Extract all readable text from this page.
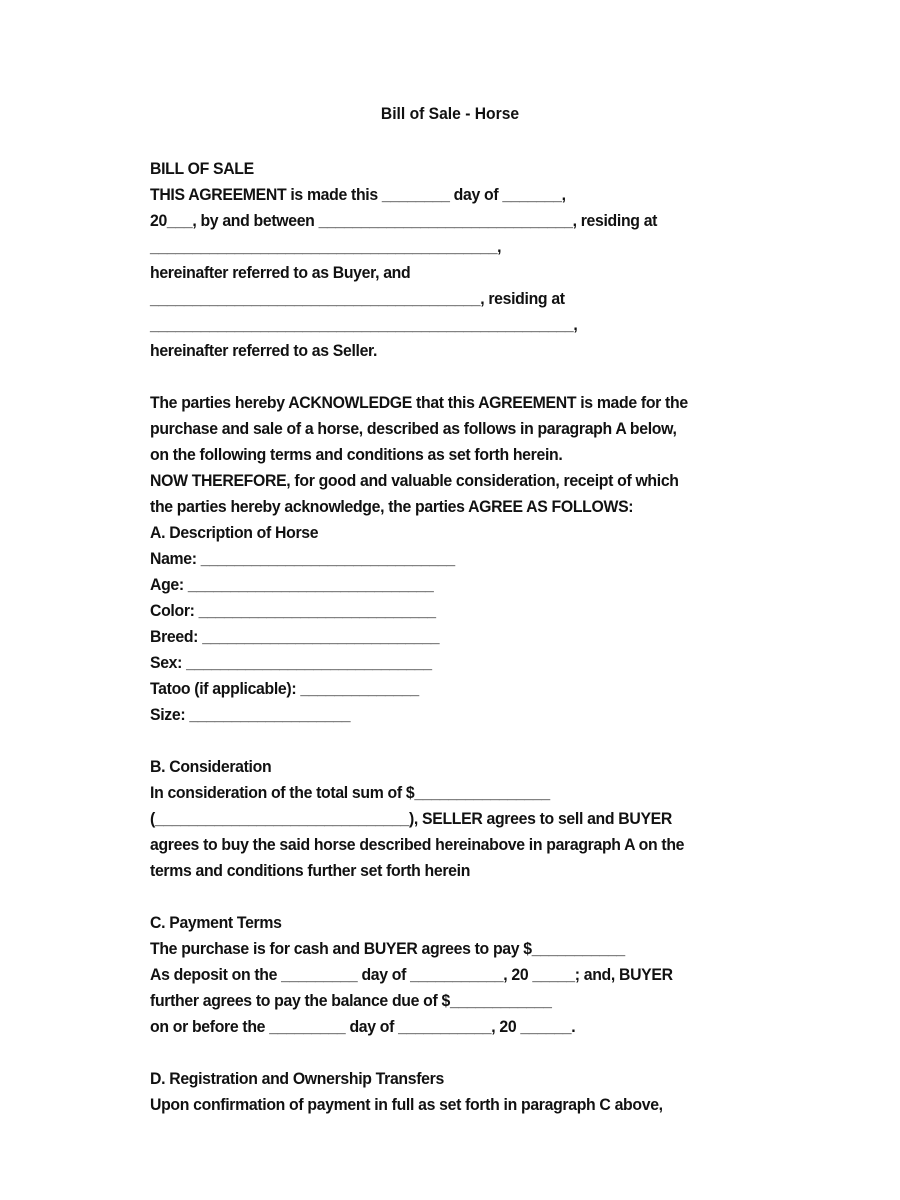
Bill of Sale - Horse
BILL OF SALE
THIS AGREEMENT is made this ________ day of _______,
20___, by and between ______________________________, residing at
_________________________________________,
hereinafter referred to as Buyer, and
_______________________________________, residing at
__________________________________________________,
hereinafter referred to as Seller.
The parties hereby ACKNOWLEDGE that this AGREEMENT is made for the
purchase and sale of a horse, described as follows in paragraph A below,
on the following terms and conditions as set forth herein.
NOW THEREFORE, for good and valuable consideration, receipt of which
the parties hereby acknowledge, the parties AGREE AS FOLLOWS:
A. Description of Horse
Name: ______________________________
Age: _____________________________
Color: ____________________________
Breed: ____________________________
Sex: _____________________________
Tatoo (if applicable): ______________
Size: ___________________
B. Consideration
In consideration of the total sum of $________________
(______________________________), SELLER agrees to sell and BUYER
agrees to buy the said horse described hereinabove in paragraph A on the
terms and conditions further set forth herein
C. Payment Terms
The purchase is for cash and BUYER agrees to pay $___________
As deposit on the _________ day of ___________, 20 _____; and, BUYER
further agrees to pay the balance due of $____________
on or before the _________ day of ___________, 20 ______.
D. Registration and Ownership Transfers
Upon confirmation of payment in full as set forth in paragraph C above,
